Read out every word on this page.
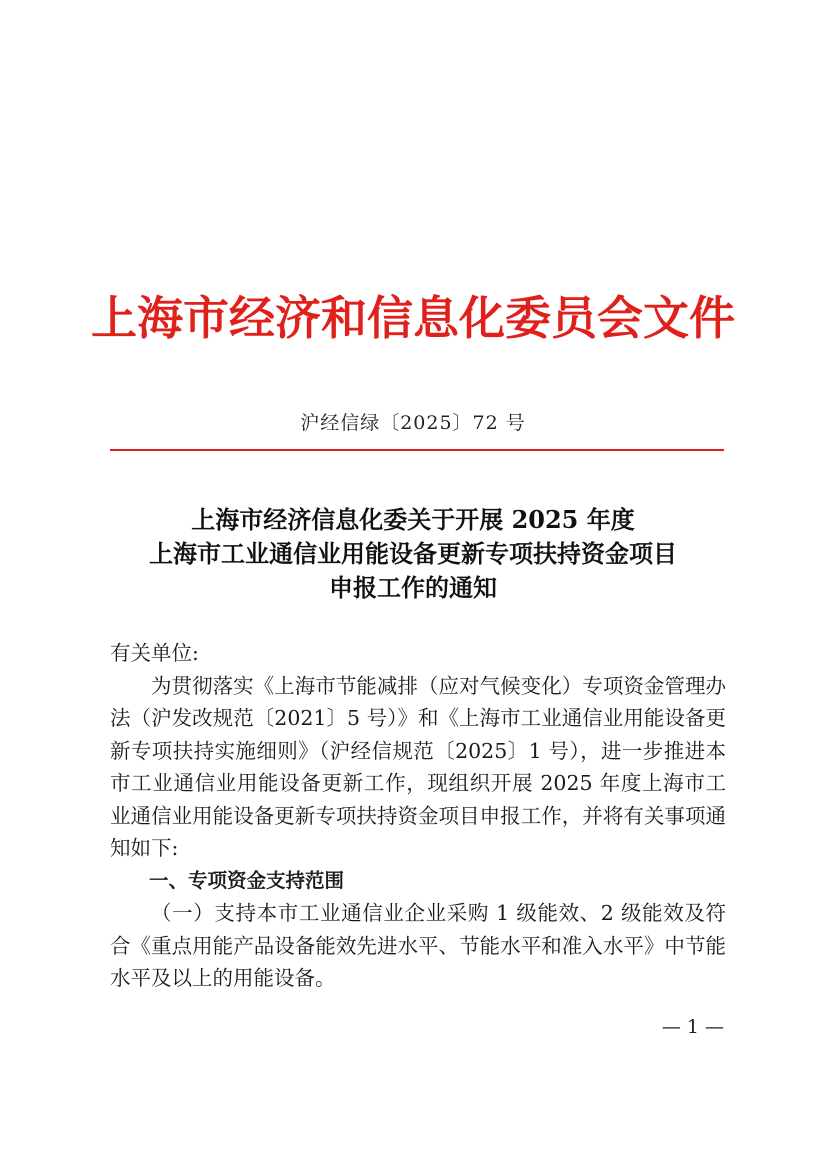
上海市经济和信息化委员会文件
沪经信绿〔2025〕72 号
上海市经济信息化委关于开展 2025 年度
上海市工业通信业用能设备更新专项扶持资金项目
申报工作的通知

有关单位:

为贯彻落实《上海市节能减排（应对气候变化）专项资金管理办法（沪发改规范〔2021〕5 号）》和《上海市工业通信业用能设备更新专项扶持实施细则》（沪经信规范〔2025〕1 号），进一步推进本市工业通信业用能设备更新工作，现组织开展 2025 年度上海市工业通信业用能设备更新专项扶持资金项目申报工作，并将有关事项通知如下:

一、专项资金支持范围

（一）支持本市工业通信业企业采购 1 级能效、2 级能效及符合《重点用能产品设备能效先进水平、节能水平和准入水平》中节能水平及以上的用能设备。

— 1 —
